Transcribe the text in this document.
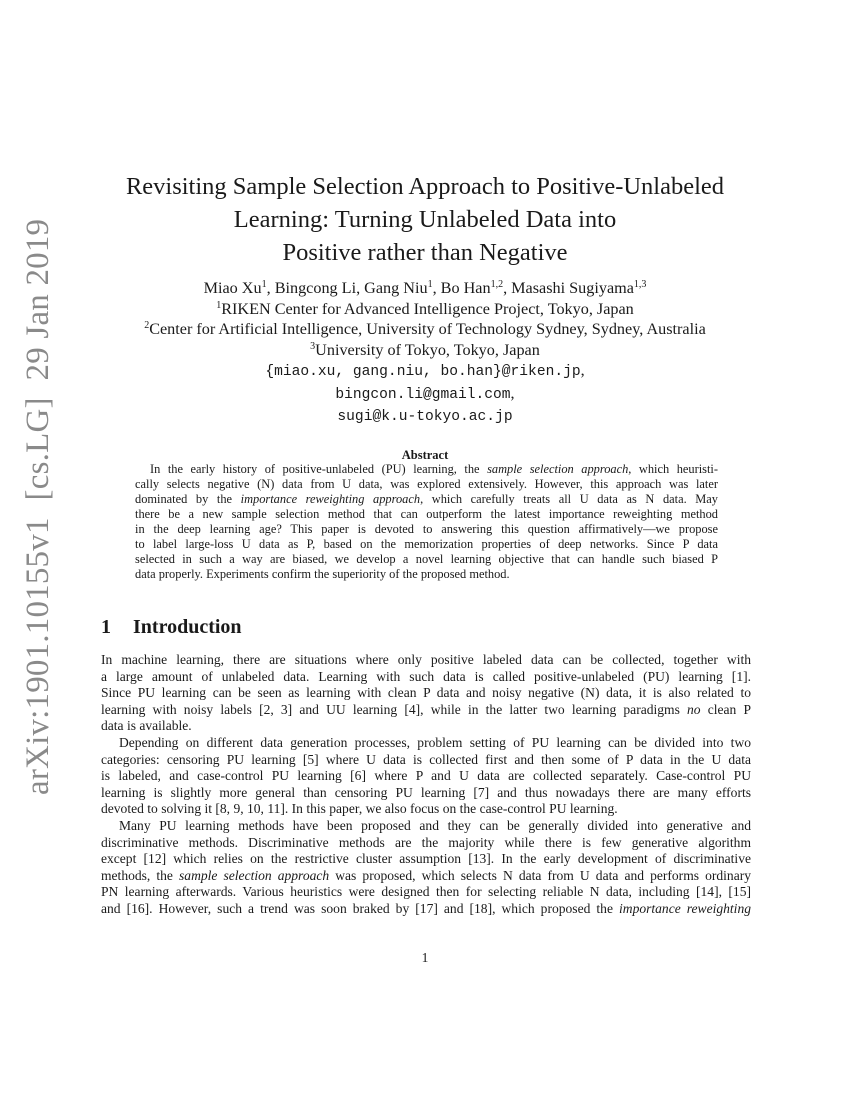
arXiv:1901.10155v1  [cs.LG]  29 Jan 2019
Revisiting Sample Selection Approach to Positive-Unlabeled
Learning: Turning Unlabeled Data into
Positive rather than Negative
Miao Xu$^1$, Bingcong Li, Gang Niu$^1$, Bo Han$^{1,2}$, Masashi Sugiyama$^{1,3}$
$^1$RIKEN Center for Advanced Intelligence Project, Tokyo, Japan
$^2$Center for Artificial Intelligence, University of Technology Sydney, Sydney, Australia
$^3$University of Tokyo, Tokyo, Japan
{miao.xu, gang.niu, bo.han}@riken.jp,
bingcon.li@gmail.com,
sugi@k.u-tokyo.ac.jp
Abstract
In the early history of positive-unlabeled (PU) learning, the sample selection approach, which heuristi-
cally selects negative (N) data from U data, was explored extensively. However, this approach was later
dominated by the importance reweighting approach, which carefully treats all U data as N data. May
there be a new sample selection method that can outperform the latest importance reweighting method
in the deep learning age? This paper is devoted to answering this question affirmatively—we propose
to label large-loss U data as P, based on the memorization properties of deep networks. Since P data
selected in such a way are biased, we develop a novel learning objective that can handle such biased P
data properly. Experiments confirm the superiority of the proposed method.
1 Introduction
In machine learning, there are situations where only positive labeled data can be collected, together with
a large amount of unlabeled data. Learning with such data is called positive-unlabeled (PU) learning [1].
Since PU learning can be seen as learning with clean P data and noisy negative (N) data, it is also related to
learning with noisy labels [2, 3] and UU learning [4], while in the latter two learning paradigms no clean P
data is available.
Depending on different data generation processes, problem setting of PU learning can be divided into two
categories: censoring PU learning [5] where U data is collected first and then some of P data in the U data
is labeled, and case-control PU learning [6] where P and U data are collected separately. Case-control PU
learning is slightly more general than censoring PU learning [7] and thus nowadays there are many efforts
devoted to solving it [8, 9, 10, 11]. In this paper, we also focus on the case-control PU learning.
Many PU learning methods have been proposed and they can be generally divided into generative and
discriminative methods. Discriminative methods are the majority while there is few generative algorithm
except [12] which relies on the restrictive cluster assumption [13]. In the early development of discriminative
methods, the sample selection approach was proposed, which selects N data from U data and performs ordinary
PN learning afterwards. Various heuristics were designed then for selecting reliable N data, including [14], [15]
and [16]. However, such a trend was soon braked by [17] and [18], which proposed the importance reweighting
1
